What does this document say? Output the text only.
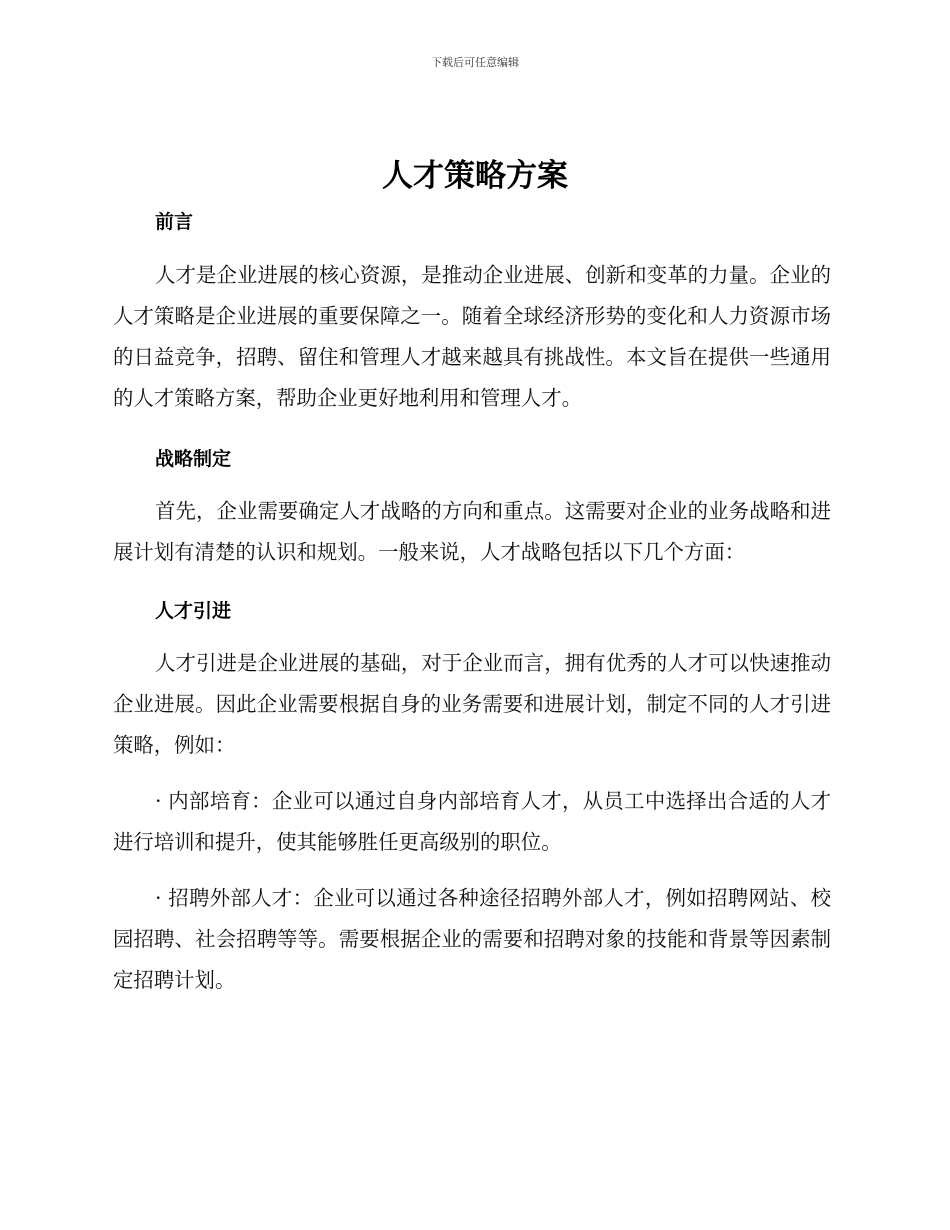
下载后可任意编辑
人才策略方案
前言

人才是企业进展的核心资源，是推动企业进展、创新和变革的力量。企业的人才策略是企业进展的重要保障之一。随着全球经济形势的变化和人力资源市场的日益竞争，招聘、留住和管理人才越来越具有挑战性。本文旨在提供一些通用的人才策略方案，帮助企业更好地利用和管理人才。

战略制定

首先，企业需要确定人才战略的方向和重点。这需要对企业的业务战略和进展计划有清楚的认识和规划。一般来说，人才战略包括以下几个方面：

人才引进

人才引进是企业进展的基础，对于企业而言，拥有优秀的人才可以快速推动企业进展。因此企业需要根据自身的业务需要和进展计划，制定不同的人才引进策略，例如：

· 内部培育：企业可以通过自身内部培育人才，从员工中选择出合适的人才进行培训和提升，使其能够胜任更高级别的职位。

· 招聘外部人才：企业可以通过各种途径招聘外部人才，例如招聘网站、校园招聘、社会招聘等等。需要根据企业的需要和招聘对象的技能和背景等因素制定招聘计划。
